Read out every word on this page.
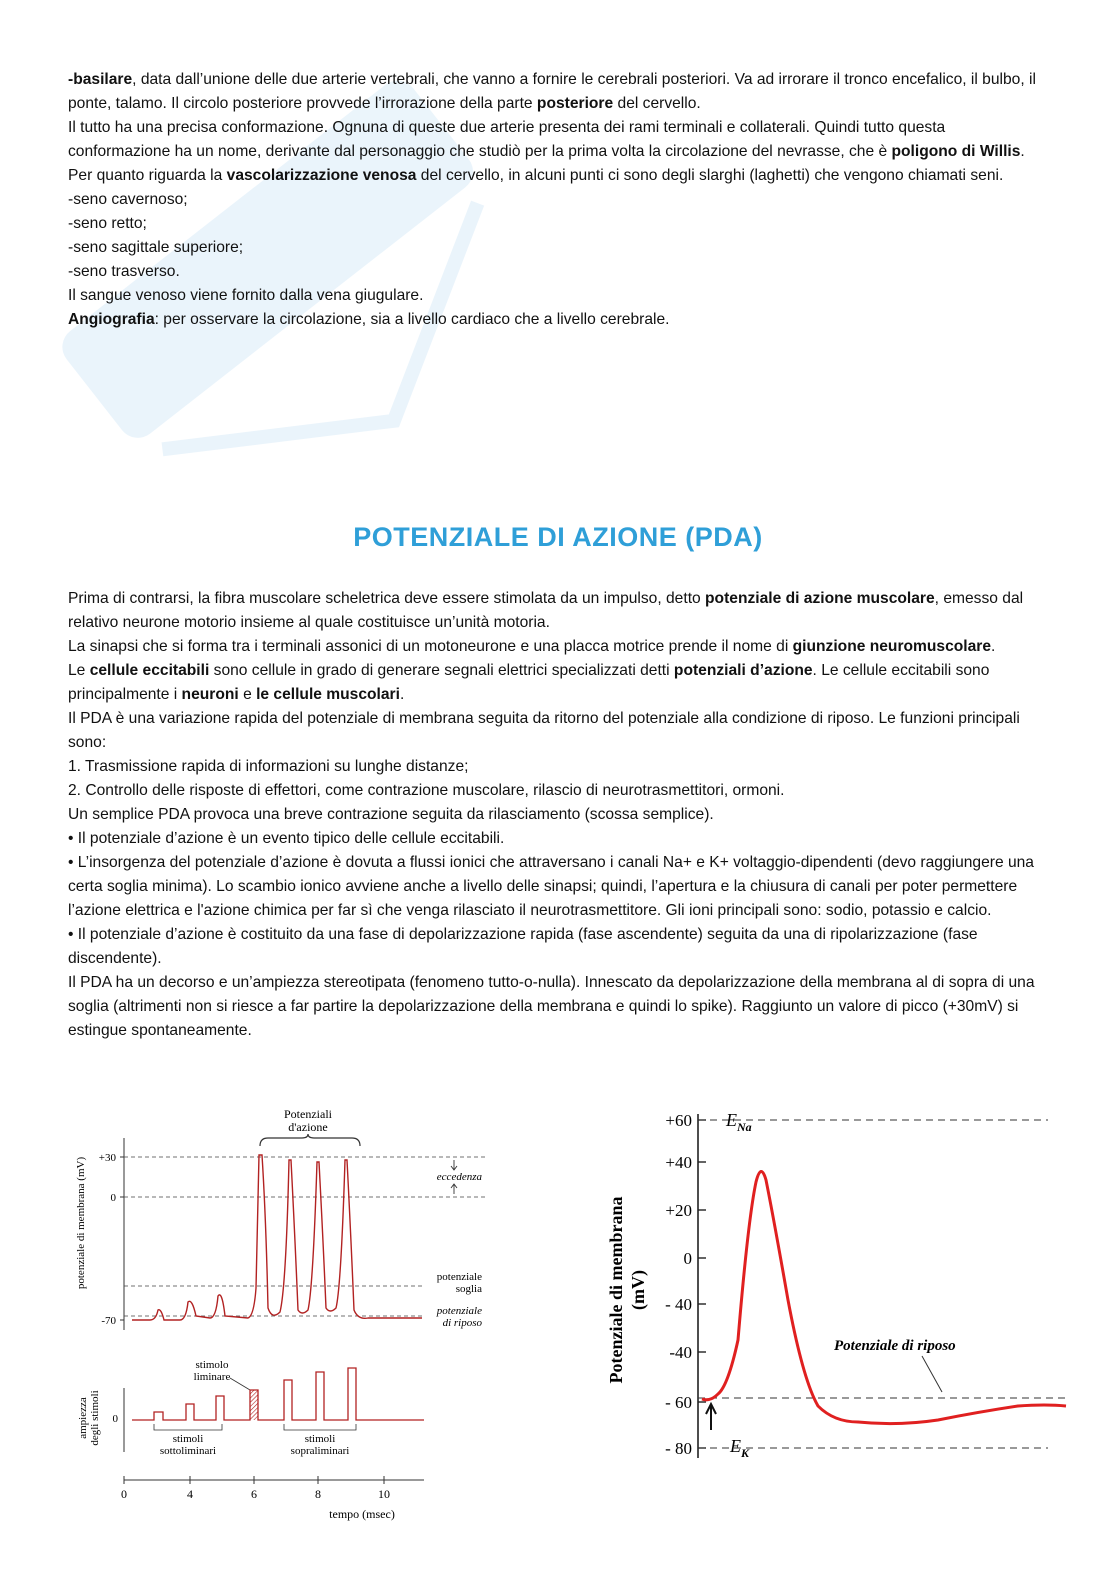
-basilare, data dall’unione delle due arterie vertebrali, che vanno a fornire le cerebrali posteriori. Va ad irrorare il tronco encefalico, il bulbo, il ponte, talamo. Il circolo posteriore provvede l’irrorazione della parte posteriore del cervello.

Il tutto ha una precisa conformazione. Ognuna di queste due arterie presenta dei rami terminali e collaterali. Quindi tutto questa conformazione ha un nome, derivante dal personaggio che studiò per la prima volta la circolazione del nevrasse, che è poligono di Willis.

Per quanto riguarda la vascolarizzazione venosa del cervello, in alcuni punti ci sono degli slarghi (laghetti) che vengono chiamati seni.

-seno cavernoso;

-seno retto;

-seno sagittale superiore;

-seno trasverso.

Il sangue venoso viene fornito dalla vena giugulare.

Angiografia: per osservare la circolazione, sia a livello cardiaco che a livello cerebrale.

POTENZIALE DI AZIONE (PDA)

Prima di contrarsi, la fibra muscolare scheletrica deve essere stimolata da un impulso, detto potenziale di azione muscolare, emesso dal relativo neurone motorio insieme al quale costituisce un’unità motoria.

La sinapsi che si forma tra i terminali assonici di un motoneurone e una placca motrice prende il nome di giunzione neuromuscolare.

Le cellule eccitabili sono cellule in grado di generare segnali elettrici specializzati detti potenziali d’azione. Le cellule eccitabili sono principalmente i neuroni e le cellule muscolari.

Il PDA è una variazione rapida del potenziale di membrana seguita da ritorno del potenziale alla condizione di riposo. Le funzioni principali sono:

1. Trasmissione rapida di informazioni su lunghe distanze;

2. Controllo delle risposte di effettori, come contrazione muscolare, rilascio di neurotrasmettitori, ormoni.

Un semplice PDA provoca una breve contrazione seguita da rilasciamento (scossa semplice).

• Il potenziale d’azione è un evento tipico delle cellule eccitabili.

• L’insorgenza del potenziale d’azione è dovuta a flussi ionici che attraversano i canali Na+ e K+ voltaggio-dipendenti (devo raggiungere una certa soglia minima). Lo scambio ionico avviene anche a livello delle sinapsi; quindi, l’apertura e la chiusura di canali per poter permettere l’azione elettrica e l'azione chimica per far sì che venga rilasciato il neurotrasmettitore. Gli ioni principali sono: sodio, potassio e calcio.

• Il potenziale d’azione è costituito da una fase di depolarizzazione rapida (fase ascendente) seguita da una di ripolarizzazione (fase discendente).

Il PDA ha un decorso e un’ampiezza stereotipata (fenomeno tutto-o-nulla). Innescato da depolarizzazione della membrana al di sopra di una soglia (altrimenti non si riesce a far partire la depolarizzazione della membrana e quindi lo spike). Raggiunto un valore di picco (+30mV) si estingue spontaneamente.

Potenziali
d'azione
potenziale di membrana (mV) +30
0
-70
eccedenza
potenziale
soglia
potenziale
di riposo
ampiezza degli stimoli 0
stimolo
liminare
stimoli
sottoliminari
stimoli
sopraliminari
0	4	6	8	10
tempo (msec)
Potenziale di membrana (mV)
+60
+40
+20
0
- 40
-40
- 60
- 80
$E_{Na}$
$E_K$
Potenziale di riposo
